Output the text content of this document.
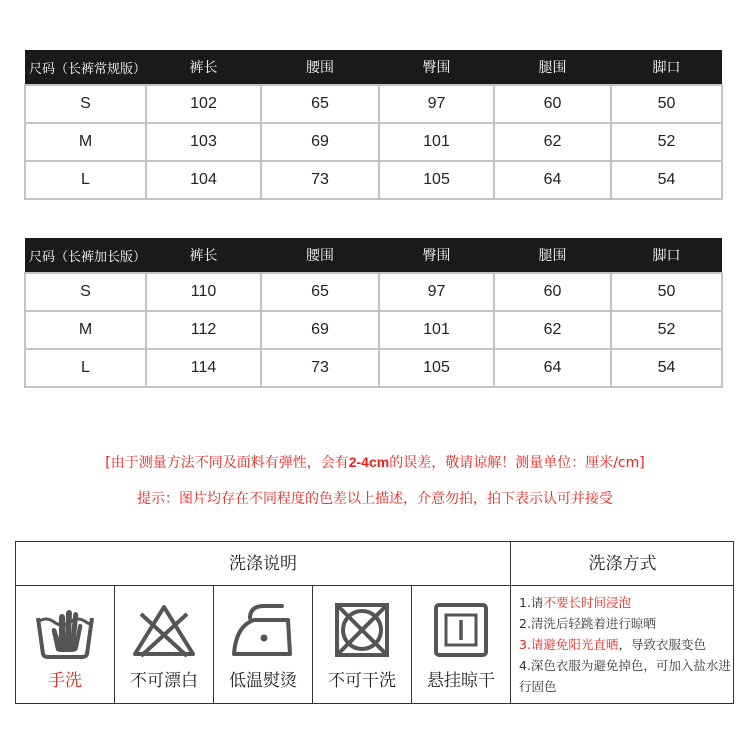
尺码（长裤常规版）	裤长	腰围	臀围	腿围	脚口
S	102	65	97	60	50
M	103	69	101	62	52
L	104	73	105	64	54
尺码（长裤加长版）	裤长	腰围	臀围	腿围	脚口
S	110	65	97	60	50
M	112	69	101	62	52
L	114	73	105	64	54
[由于测量方法不同及面料有弹性，会有2-4cm的误差，敬请谅解！测量单位：厘米/cm]
提示：图片均存在不同程度的色差以上描述，介意勿拍，拍下表示认可并接受
洗涤说明	洗涤方式
手洗	不可漂白	低温熨烫	不可干洗	悬挂晾干
1.请不要长时间浸泡
2.清洗后轻跳着进行晾晒
3.请避免阳光直晒，导致衣服变色
4.深色衣服为避免掉色，可加入盐水进行固色
